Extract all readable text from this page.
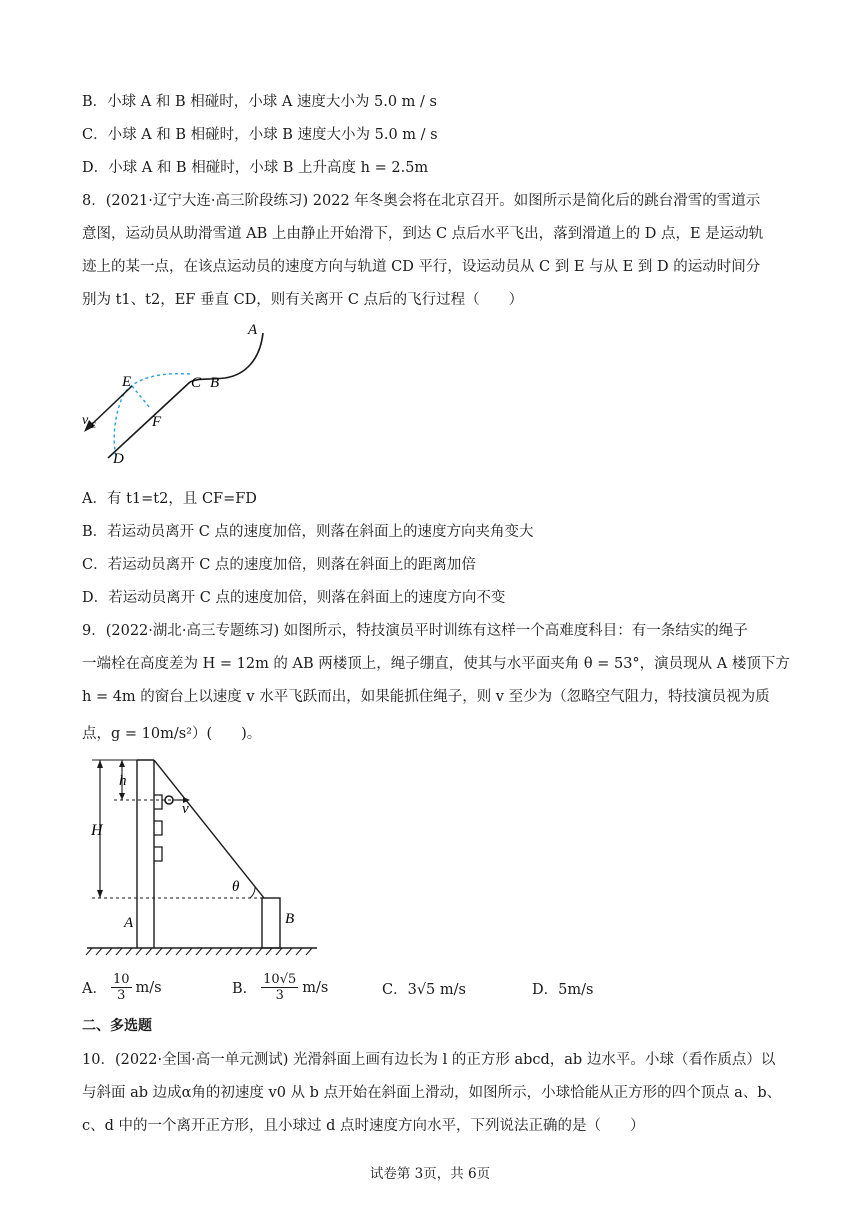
B．小球 A 和 B 相碰时，小球 A 速度大小为 5.0 m / s
C．小球 A 和 B 相碰时，小球 B 速度大小为 5.0 m / s
D．小球 A 和 B 相碰时，小球 B 上升高度 h = 2.5m
8．(2021·辽宁大连·高三阶段练习) 2022 年冬奥会将在北京召开。如图所示是简化后的跳台滑雪的雪道示
意图，运动员从助滑雪道 AB 上由静止开始滑下，到达 C 点后水平飞出，落到滑道上的 D 点，E 是运动轨
迹上的某一点，在该点运动员的速度方向与轨道 CD 平行，设运动员从 C 到 E 与从 E 到 D 的运动时间分
别为 t1、t2，EF 垂直 CD，则有关离开 C 点后的飞行过程（　　）
A
C B
E
F
D
v E
A．有 t1=t2，且 CF=FD
B．若运动员离开 C 点的速度加倍，则落在斜面上的速度方向夹角变大
C．若运动员离开 C 点的速度加倍，则落在斜面上的距离加倍
D．若运动员离开 C 点的速度加倍，则落在斜面上的速度方向不变
9．(2022·湖北·高三专题练习) 如图所示，特技演员平时训练有这样一个高难度科目：有一条结实的绳子
一端栓在高度差为 H = 12m 的 AB 两楼顶上，绳子绷直，使其与水平面夹角 θ = 53°，演员现从 A 楼顶下方
h = 4m 的窗台上以速度 v 水平飞跃而出，如果能抓住绳子，则 v 至少为（忽略空气阻力，特技演员视为质
点，g = 10m/s²）(　　)。
h
H
v
θ
A	B
A． $\frac{10}{3} m/s$	B． $\frac{10√5}{3} m/s$	C．3√5 m/s	D．5m/s
二、多选题
10．(2022·全国·高一单元测试) 光滑斜面上画有边长为 l 的正方形 abcd，ab 边水平。小球（看作质点）以
与斜面 ab 边成α角的初速度 v0 从 b 点开始在斜面上滑动，如图所示，小球恰能从正方形的四个顶点 a、b、
c、d 中的一个离开正方形，且小球过 d 点时速度方向水平，下列说法正确的是（　　）
试卷第 3页，共 6页
